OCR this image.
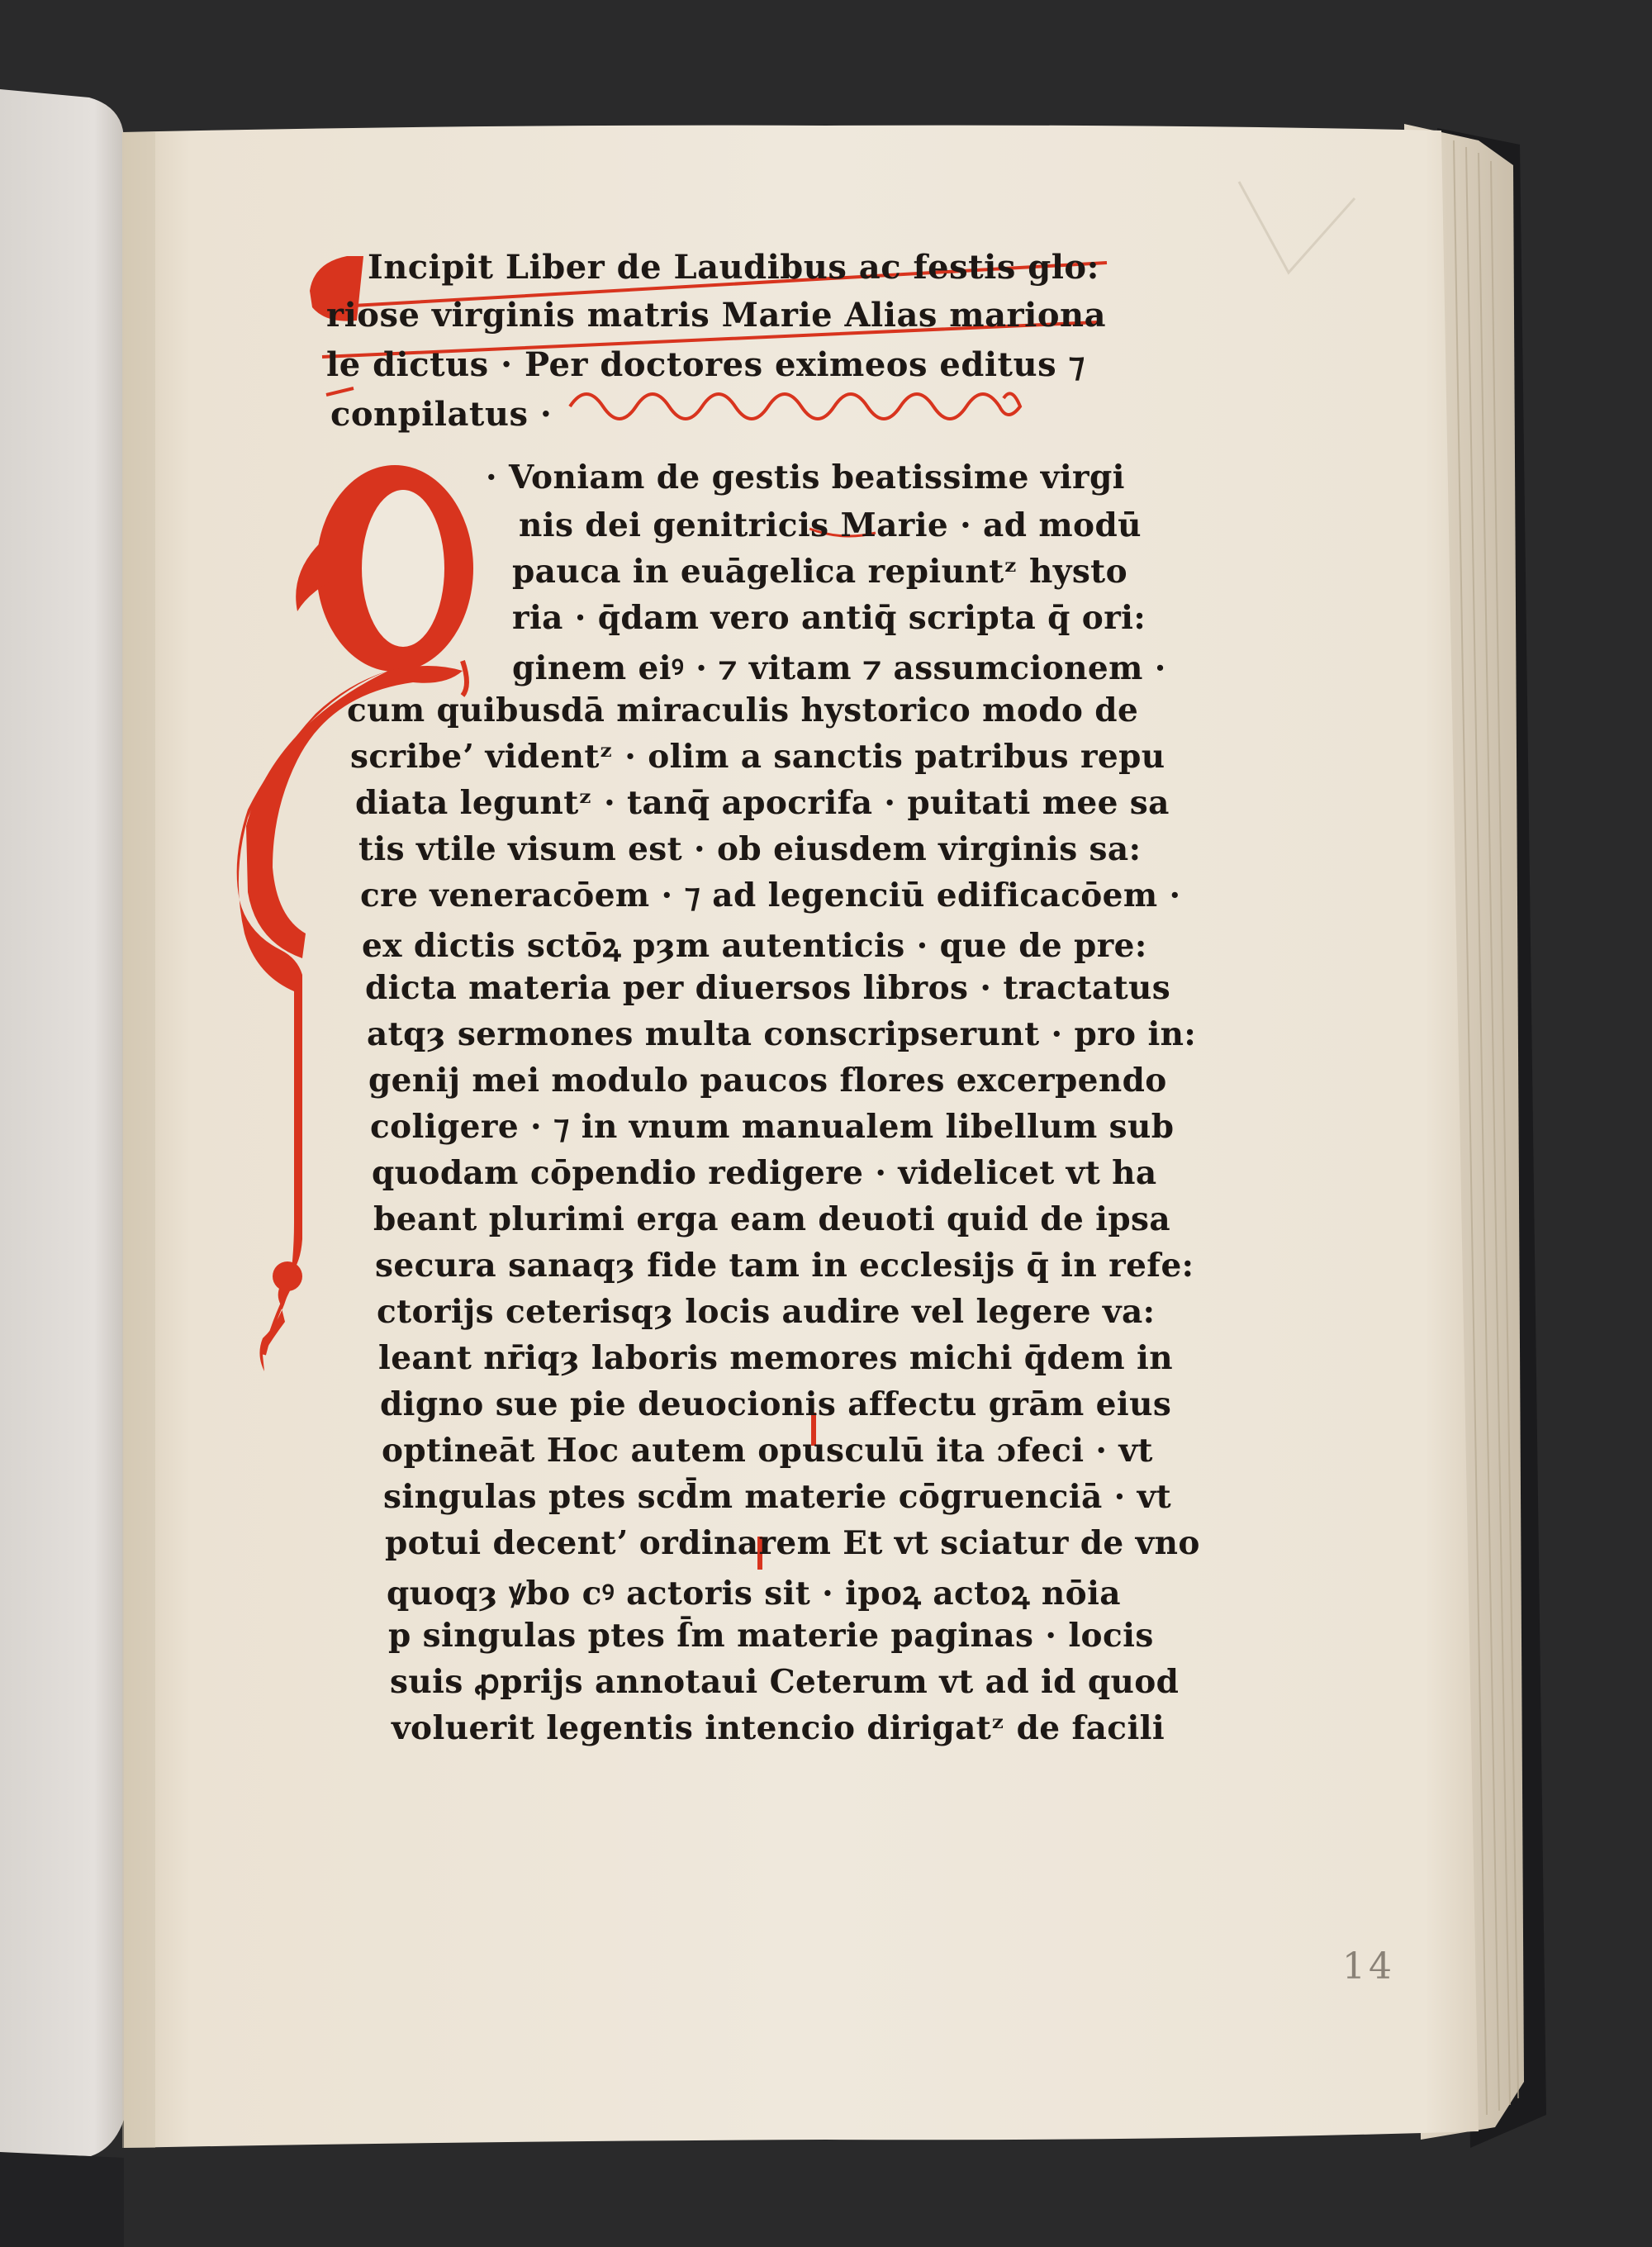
Incipit Liber de Laudibus ac festis glo:
riose virginis matris Marie Alias mariona
le dictus · Per doctores eximeos editus ⁊
conpilatus ·
· Voniam de gestis beatissime virgi
nis dei genitricis Marie · ad modū
pauca in euāgelica repiuntᶻ hysto
ria · q̄dam vero antiq̄ scripta q̄ ori:
ginem eiꝰ · ⁊ vitam ⁊ assumcionem ·
cum quibusdā miraculis hystorico modo de
scribeʼ videntᶻ · olim a sanctis patribus repu
diata leguntᶻ · tanq̄ apocrifa · puitati mee sa
tis vtile visum est · ob eiusdem virginis sa:
cre veneracōem · ⁊ ad legenciū edificacōem ·
ex dictis sctōꝝ pȝm autenticis · que de pre:
dicta materia per diuersos libros · tractatus
atqȝ sermones multa conscripserunt · pro in:
genij mei modulo paucos flores excerpendo
coligere · ⁊ in vnum manualem libellum sub
quodam cōpendio redigere · videlicet vt ha
beant plurimi erga eam deuoti quid de ipsa
secura sanaqȝ fide tam in ecclesijs q̄ in refe:
ctorijs ceterisqȝ locis audire vel legere va:
leant nr̄iqȝ laboris memores michi q̄dem in
digno sue pie deuocionis affectu grām eius
optineāt Hoc autem opusculū ita ɔfeci · vt
singulas ptes scd̄m materie cōgruenciā · vt
potui decentʼ ordinarem Et vt sciatur de vno
quoqȝ ꝟbo cꝰ actoris sit · ipoꝝ actoꝝ nōia
p singulas ptes ſ̄m materie paginas · locis
suis ꝓprijs annotaui Ceterum vt ad id quod
voluerit legentis intencio dirigatᶻ de facili
14
